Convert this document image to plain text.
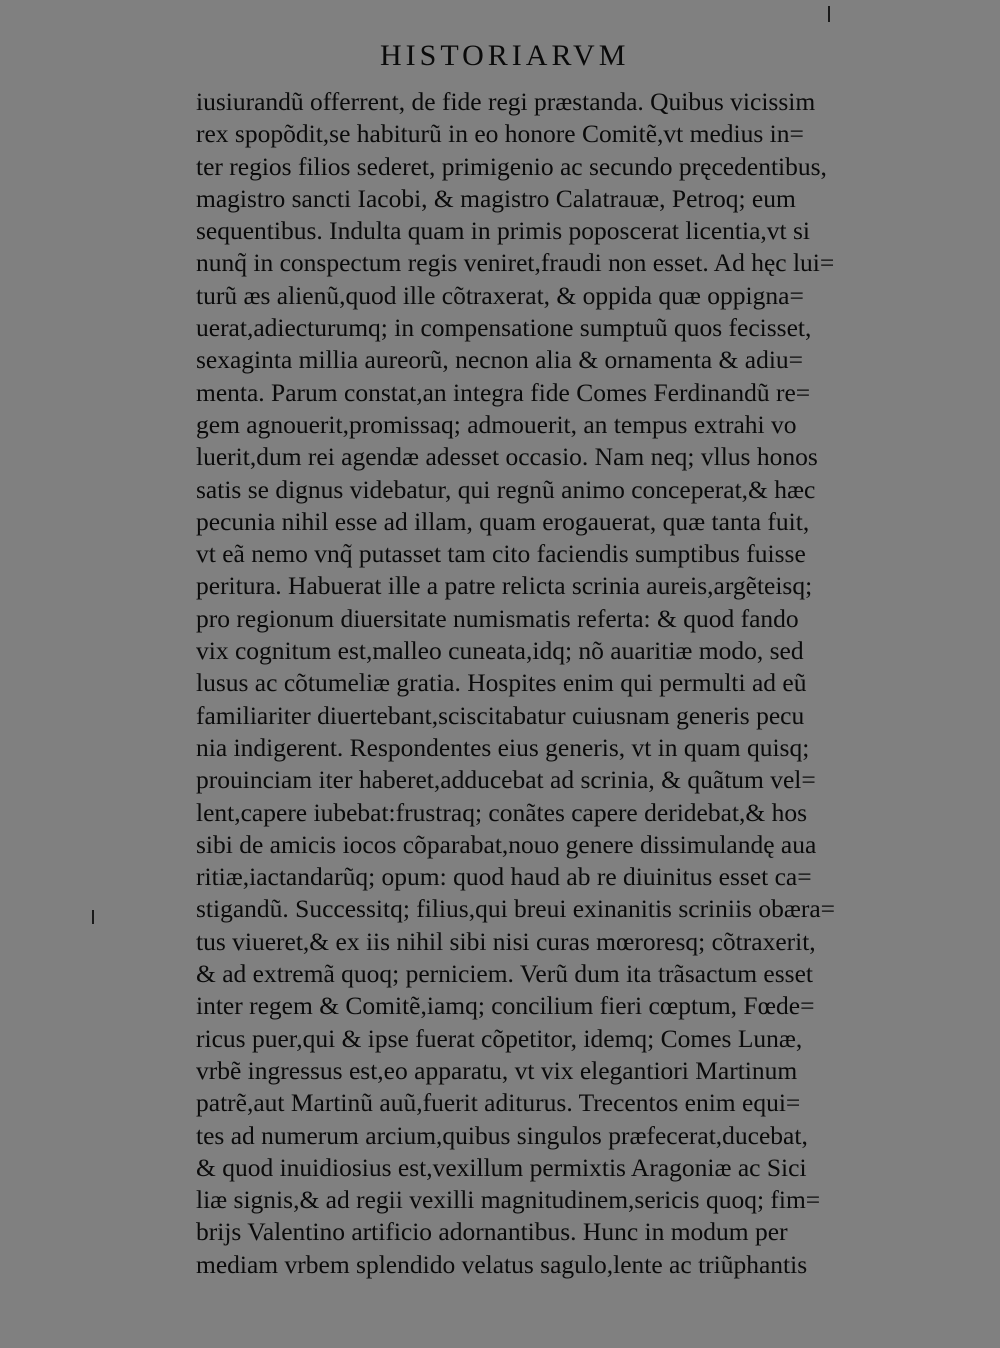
HISTORIARVM
iusiurandũ offerrent, de fide regi præstanda. Quibus vicissim
rex spopõdit,se habiturũ in eo honore Comitẽ,vt medius in=
ter regios filios sederet, primigenio ac secundo pręcedentibus,
magistro sancti Iacobi, & magistro Calatrauæ, Petroq; eum
sequentibus. Indulta quam in primis poposcerat licentia,vt si
nunq̃ in conspectum regis veniret,fraudi non esset. Ad hęc lui=
turũ æs alienũ,quod ille cõtraxerat, & oppida quæ oppigna=
uerat,adiecturumq; in compensatione sumptuũ quos fecisset,
sexaginta millia aureorũ, necnon alia & ornamenta & adiu=
menta. Parum constat,an integra fide Comes Ferdinandũ re=
gem agnouerit,promissaq; admouerit, an tempus extrahi vo
luerit,dum rei agendæ adesset occasio. Nam neq; vllus honos
satis se dignus videbatur, qui regnũ animo conceperat,& hæc
pecunia nihil esse ad illam, quam erogauerat, quæ tanta fuit,
vt eã nemo vnq̃ putasset tam cito faciendis sumptibus fuisse
peritura. Habuerat ille a patre relicta scrinia aureis,argẽteisq;
pro regionum diuersitate numismatis referta: & quod fando
vix cognitum est,malleo cuneata,idq; nõ auaritiæ modo, sed
lusus ac cõtumeliæ gratia. Hospites enim qui permulti ad eũ
familiariter diuertebant,sciscitabatur cuiusnam generis pecu
nia indigerent. Respondentes eius generis, vt in quam quisq;
prouinciam iter haberet,adducebat ad scrinia, & quãtum vel=
lent,capere iubebat:frustraq; conãtes capere deridebat,& hos
sibi de amicis iocos cõparabat,nouo genere dissimulandę aua
ritiæ,iactandarũq; opum: quod haud ab re diuinitus esset ca=
stigandũ. Successitq; filius,qui breui exinanitis scriniis obæra=
tus viueret,& ex iis nihil sibi nisi curas mœroresq; cõtraxerit,
& ad extremã quoq; perniciem. Verũ dum ita trãsactum esset
inter regem & Comitẽ,iamq; concilium fieri cœptum, Fœde=
ricus puer,qui & ipse fuerat cõpetitor, idemq; Comes Lunæ,
vrbẽ ingressus est,eo apparatu, vt vix elegantiori Martinum
patrẽ,aut Martinũ auũ,fuerit aditurus. Trecentos enim equi=
tes ad numerum arcium,quibus singulos præfecerat,ducebat,
& quod inuidiosius est,vexillum permixtis Aragoniæ ac Sici
liæ signis,& ad regii vexilli magnitudinem,sericis quoq; fim=
brijs Valentino artificio adornantibus. Hunc in modum per
mediam vrbem splendido velatus sagulo,lente ac triũphantis
